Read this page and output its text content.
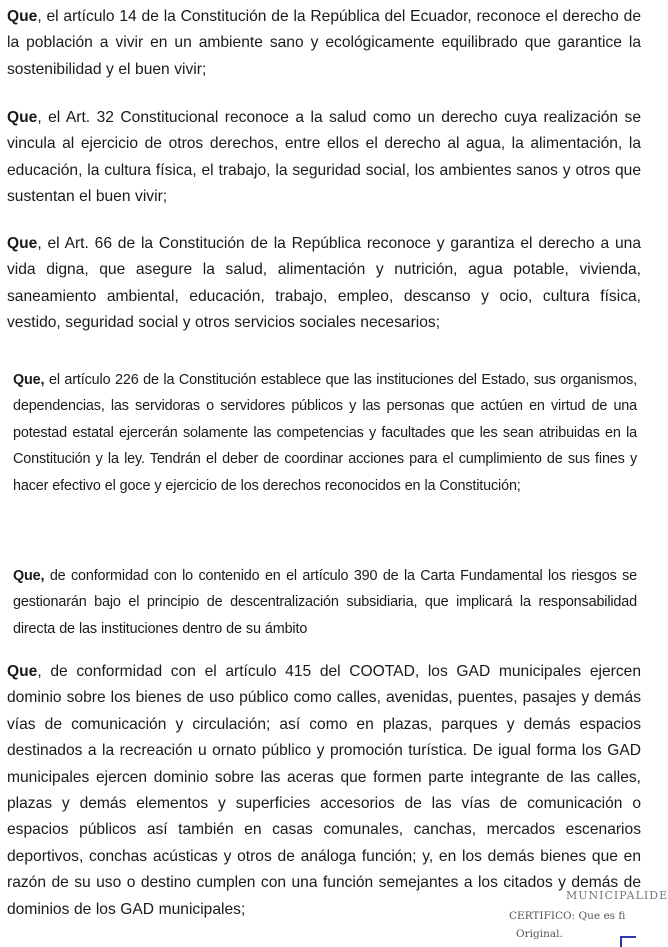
Que, el artículo 14 de la Constitución de la República del Ecuador, reconoce el derecho de la población a vivir en un ambiente sano y ecológicamente equilibrado que garantice la sostenibilidad y el buen vivir;

Que, el Art. 32 Constitucional reconoce a la salud como un derecho cuya realización se vincula al ejercicio de otros derechos, entre ellos el derecho al agua, la alimentación, la educación, la cultura física, el trabajo, la seguridad social, los ambientes sanos y otros que sustentan el buen vivir;

Que, el Art. 66 de la Constitución de la República reconoce y garantiza el derecho a una vida digna, que asegure la salud, alimentación y nutrición, agua potable, vivienda, saneamiento ambiental, educación, trabajo, empleo, descanso y ocio, cultura física, vestido, seguridad social y otros servicios sociales necesarios;

Que, el artículo 226 de la Constitución establece que las instituciones del Estado, sus organismos, dependencias, las servidoras o servidores públicos y las personas que actúen en virtud de una potestad estatal ejercerán solamente las competencias y facultades que les sean atribuidas en la Constitución y la ley. Tendrán el deber de coordinar acciones para el cumplimiento de sus fines y hacer efectivo el goce y ejercicio de los derechos reconocidos en la Constitución;

Que, de conformidad con lo contenido en el artículo 390 de la Carta Fundamental los riesgos se gestionarán bajo el principio de descentralización subsidiaria, que implicará la responsabilidad directa de las instituciones dentro de su ámbito

Que, de conformidad con el artículo 415 del COOTAD, los GAD municipales ejercen dominio sobre los bienes de uso público como calles, avenidas, puentes, pasajes y demás vías de comunicación y circulación; así como en plazas, parques y demás espacios destinados a la recreación u ornato público y promoción turística. De igual forma los GAD municipales ejercen dominio sobre las aceras que formen parte integrante de las calles, plazas y demás elementos y superficies accesorios de las vías de comunicación o espacios públicos así también en casas comunales, canchas, mercados escenarios deportivos, conchas acústicas y otros de análoga función; y, en los demás bienes que en razón de su uso o destino cumplen con una función semejantes a los citados y demás de dominios de los GAD municipales;

MUNICIPALIDE
CERTIFICO: Que es fi
Original.
